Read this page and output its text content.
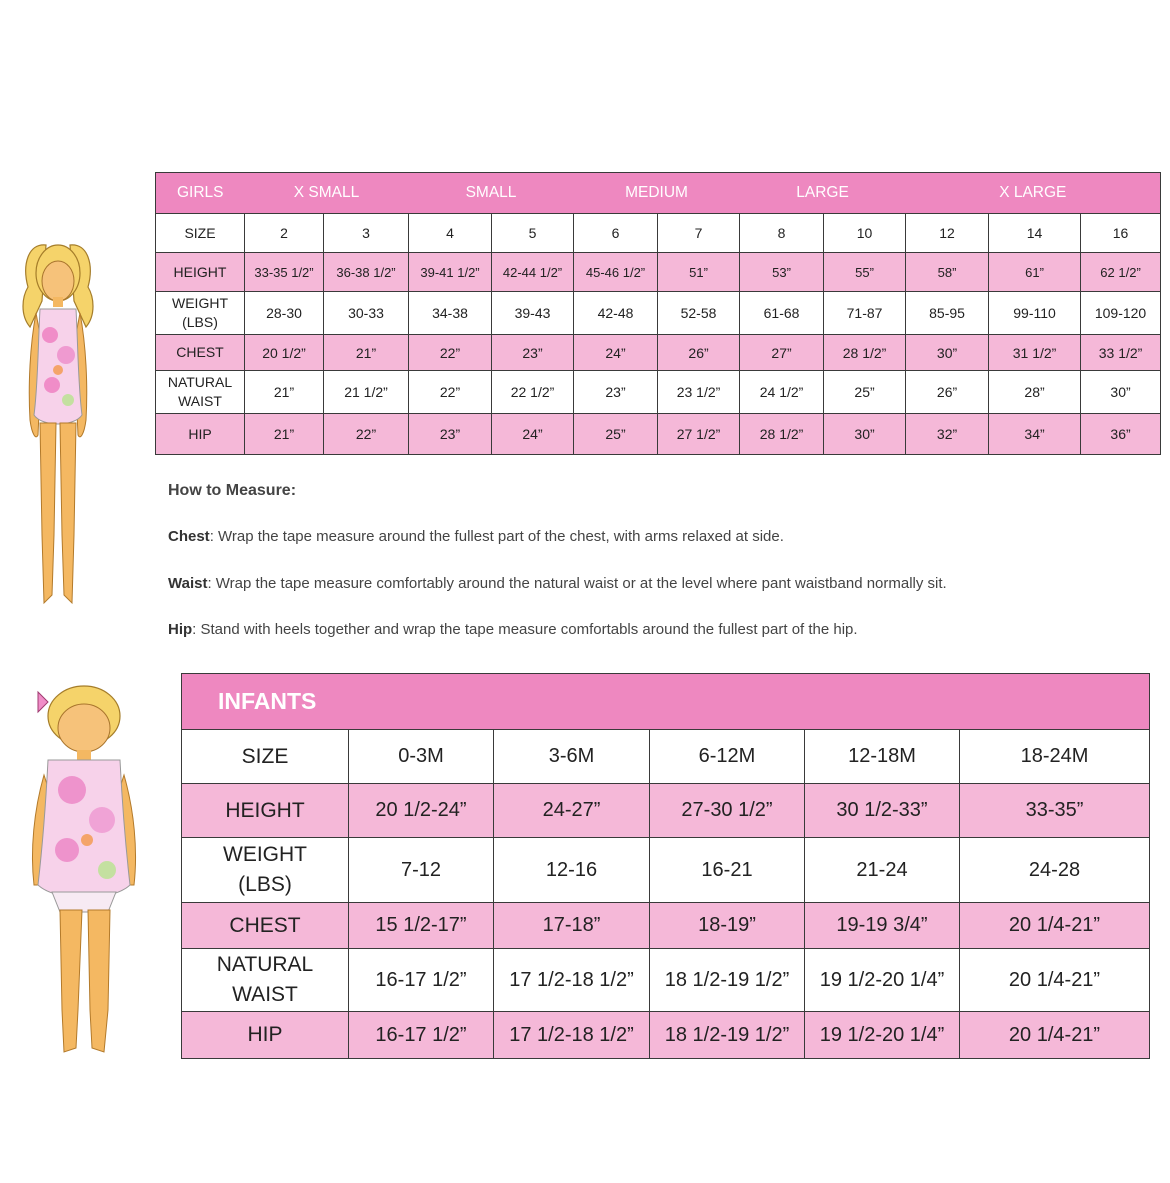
GIRLS	X SMALL		SMALL		MEDIUM		LARGE		X LARGE		
SIZE	2	3	4	5	6	7	8	10	12	14	16
HEIGHT	33-35 1/2”	36-38 1/2”	39-41 1/2”	42-44 1/2”	45-46 1/2”	51”	53”	55”	58”	61”	62 1/2”
WEIGHT
(LBS)	28-30	30-33	34-38	39-43	42-48	52-58	61-68	71-87	85-95	99-110	109-120
CHEST	20 1/2”	21”	22”	23”	24”	26”	27”	28 1/2”	30”	31 1/2”	33 1/2”
NATURAL
WAIST	21”	21 1/2”	22”	22 1/2”	23”	23 1/2”	24 1/2”	25”	26”	28”	30”
HIP	21”	22”	23”	24”	25”	27 1/2”	28 1/2”	30”	32”	34”	36”
How to Measure:
Chest: Wrap the tape measure around the fullest part of the chest, with arms relaxed at side.
Waist: Wrap the tape measure comfortably around the natural waist or at the level where pant waistband normally sit.
Hip: Stand with heels together and wrap the tape measure comfortabls around the fullest part of the hip.
INFANTS					
SIZE	0-3M	3-6M	6-12M	12-18M	18-24M
HEIGHT	20 1/2-24”	24-27”	27-30 1/2”	30 1/2-33”	33-35”
WEIGHT
(LBS)	7-12	12-16	16-21	21-24	24-28
CHEST	15 1/2-17”	17-18”	18-19”	19-19 3/4”	20 1/4-21”
NATURAL
WAIST	16-17 1/2”	17 1/2-18 1/2”	18 1/2-19 1/2”	19 1/2-20 1/4”	20 1/4-21”
HIP	16-17 1/2”	17 1/2-18 1/2”	18 1/2-19 1/2”	19 1/2-20 1/4”	20 1/4-21”
